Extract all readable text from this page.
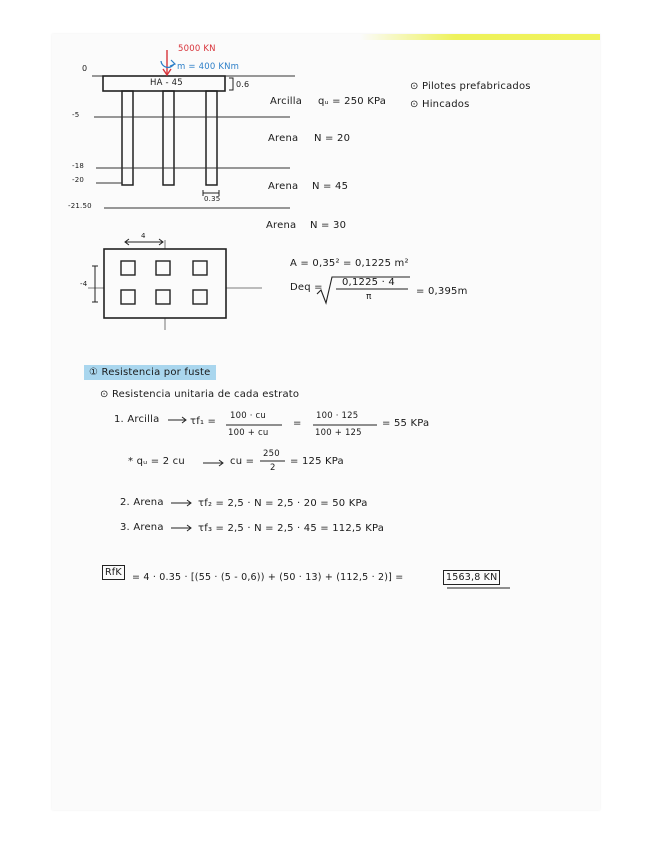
5000 KN
m = 400 KNm
HA - 45	0.6
0
-5
-18
-20
-21.50
0.35
Arcilla qᵤ = 250 KPa
Arena N = 20
Arena N = 45
Arena N = 30
⊙ Pilotes prefabricados
⊙ Hincados
4
-4
A = 0,35² = 0,1225 m²
Deq = 0,1225 · 4
π	= 0,395m
① Resistencia por fuste
⊙ Resistencia unitaria de cada estrato
1. Arcilla	τf₁ = 100 · cu
100 + cu
=
100 · 125
100 + 125
= 55 KPa
* qᵤ = 2 cu	cu =
250
2
= 125 KPa
2. Arena	τf₂ = 2,5 · N = 2,5 · 20 = 50 KPa
3. Arena	τf₃ = 2,5 · N = 2,5 · 45 = 112,5 KPa
RfK	= 4 · 0.35 · [(55 · (5 - 0,6)) + (50 · 13) + (112,5 · 2)] =	1563,8 KN
